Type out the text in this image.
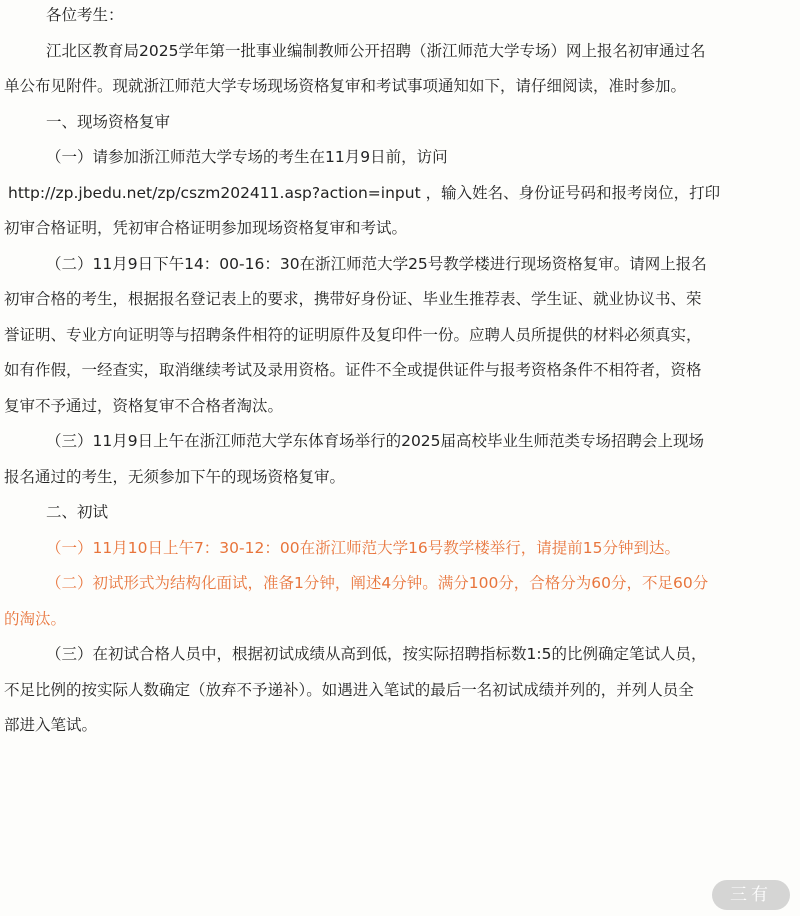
各位考生：
江北区教育局2025学年第一批事业编制教师公开招聘（浙江师范大学专场）网上报名初审通过名
单公布见附件。现就浙江师范大学专场现场资格复审和考试事项通知如下，请仔细阅读，准时参加。
一、现场资格复审
（一）请参加浙江师范大学专场的考生在11月9日前，访问
http://zp.jbedu.net/zp/cszm202411.asp?action=input ，输入姓名、身份证号码和报考岗位，打印
初审合格证明，凭初审合格证明参加现场资格复审和考试。
（二）11月9日下午14：00-16：30在浙江师范大学25号教学楼进行现场资格复审。请网上报名
初审合格的考生，根据报名登记表上的要求，携带好身份证、毕业生推荐表、学生证、就业协议书、荣
誉证明、专业方向证明等与招聘条件相符的证明原件及复印件一份。应聘人员所提供的材料必须真实，
如有作假，一经查实，取消继续考试及录用资格。证件不全或提供证件与报考资格条件不相符者，资格
复审不予通过，资格复审不合格者淘汰。
（三）11月9日上午在浙江师范大学东体育场举行的2025届高校毕业生师范类专场招聘会上现场
报名通过的考生，无须参加下午的现场资格复审。
二、初试
（一）11月10日上午7：30-12：00在浙江师范大学16号教学楼举行，请提前15分钟到达。
（二）初试形式为结构化面试，准备1分钟，阐述4分钟。满分100分，合格分为60分，不足60分
的淘汰。
（三）在初试合格人员中，根据初试成绩从高到低，按实际招聘指标数1:5的比例确定笔试人员，
不足比例的按实际人数确定（放弃不予递补）。如遇进入笔试的最后一名初试成绩并列的，并列人员全
部进入笔试。
三有
